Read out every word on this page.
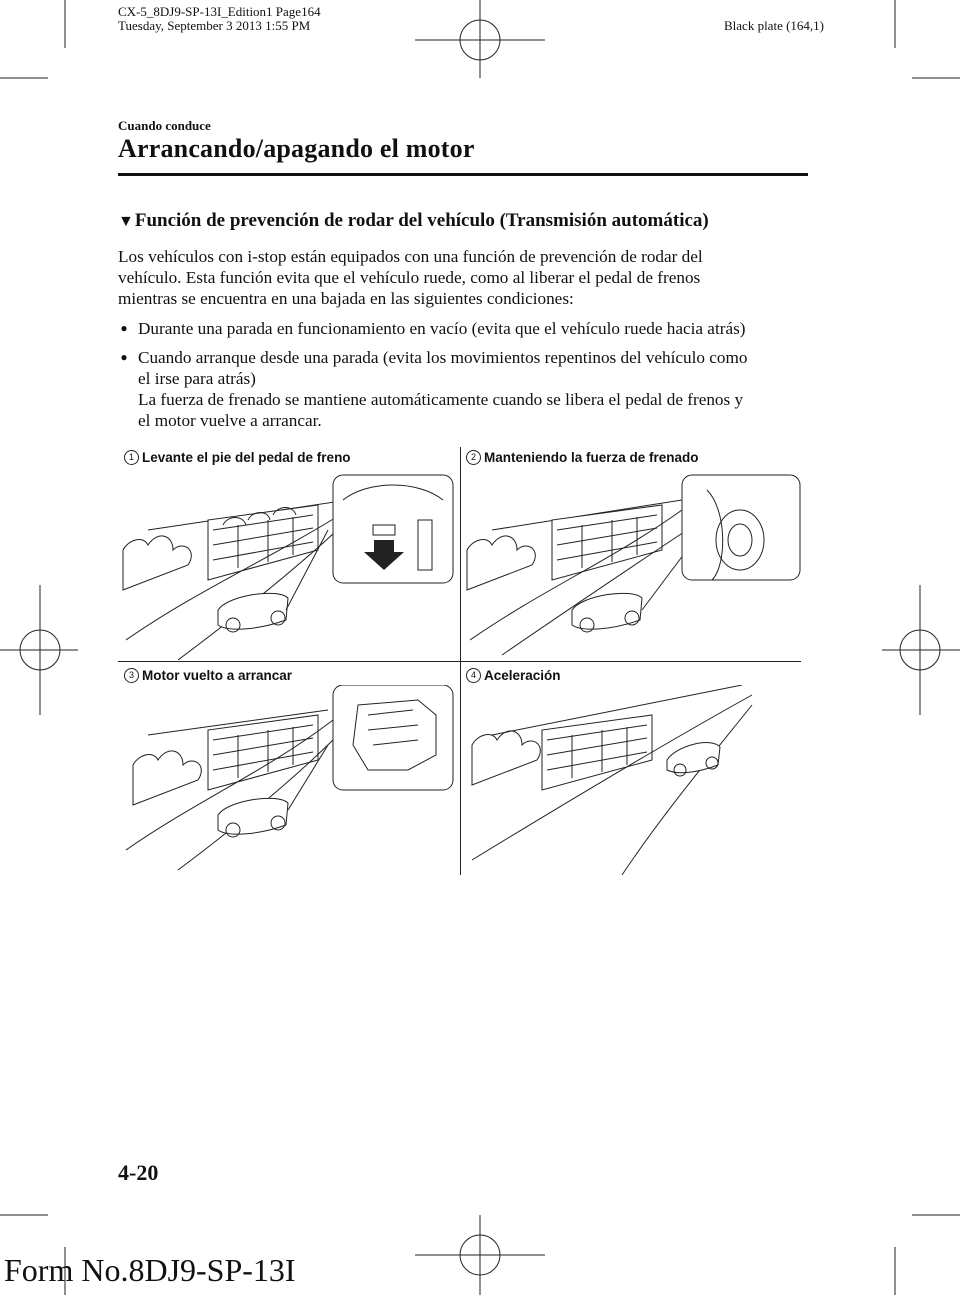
CX-5_8DJ9-SP-13I_Edition1 Page164
Tuesday, September 3 2013 1:55 PM	Black plate (164,1)
Cuando conduce
Arrancando/apagando el motor
▼ Función de prevención de rodar del vehículo (Transmisión automática)
Los vehículos con i-stop están equipados con una función de prevención de rodar del
vehículo. Esta función evita que el vehículo ruede, como al liberar el pedal de frenos
mientras se encuentra en una bajada en las siguientes condiciones:
● Durante una parada en funcionamiento en vacío (evita que el vehículo ruede hacia atrás)
● Cuando arranque desde una parada (evita los movimientos repentinos del vehículo como
el irse para atrás)
La fuerza de frenado se mantiene automáticamente cuando se libera el pedal de frenos y
el motor vuelve a arrancar.
1 Levante el pie del pedal de freno	2 Manteniendo la fuerza de frenado
3 Motor vuelto a arrancar	4 Aceleración
4-20
Form No.8DJ9-SP-13I
